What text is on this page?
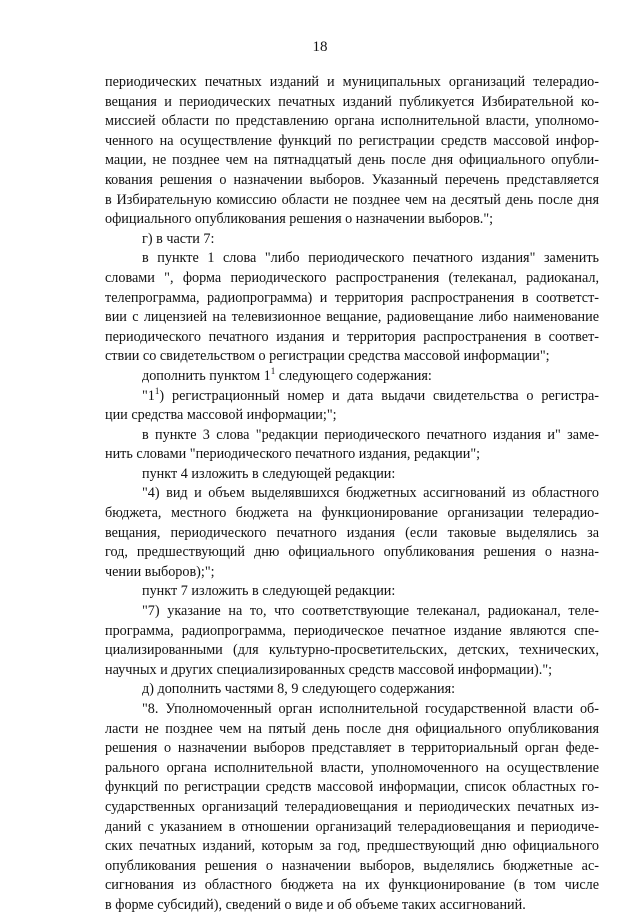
18
периодических печатных изданий и муниципальных организаций телерадио-
вещания и периодических печатных изданий публикуется Избирательной ко-
миссией области по представлению органа исполнительной власти, уполномо-
ченного на осуществление функций по регистрации средств массовой инфор-
мации, не позднее чем на пятнадцатый день после дня официального опубли-
кования решения о назначении выборов. Указанный перечень представляется
в Избирательную комиссию области не позднее чем на десятый день после дня
официального опубликования решения о назначении выборов.";
г) в части 7:
в пункте 1 слова "либо периодического печатного издания" заменить
словами ", форма периодического распространения (телеканал, радиоканал,
телепрограмма, радиопрограмма) и территория распространения в соответст-
вии с лицензией на телевизионное вещание, радиовещание либо наименование
периодического печатного издания и территория распространения в соответ-
ствии со свидетельством о регистрации средства массовой информации";
дополнить пунктом $1^1$ следующего содержания:
"$1^1$) регистрационный номер и дата выдачи свидетельства о регистра-
ции средства массовой информации;";
в пункте 3 слова "редакции периодического печатного издания и" заме-
нить словами "периодического печатного издания, редакции";
пункт 4 изложить в следующей редакции:
"4) вид и объем выделявшихся бюджетных ассигнований из областного
бюджета, местного бюджета на функционирование организации телерадио-
вещания, периодического печатного издания (если таковые выделялись за
год, предшествующий дню официального опубликования решения о назна-
чении выборов);";
пункт 7 изложить в следующей редакции:
"7) указание на то, что соответствующие телеканал, радиоканал, теле-
программа, радиопрограмма, периодическое печатное издание являются спе-
циализированными (для культурно-просветительских, детских, технических,
научных и других специализированных средств массовой информации).";
д) дополнить частями 8, 9 следующего содержания:
"8. Уполномоченный орган исполнительной государственной власти об-
ласти не позднее чем на пятый день после дня официального опубликования
решения о назначении выборов представляет в территориальный орган феде-
рального органа исполнительной власти, уполномоченного на осуществление
функций по регистрации средств массовой информации, список областных го-
сударственных организаций телерадиовещания и периодических печатных из-
даний с указанием в отношении организаций телерадиовещания и периодиче-
ских печатных изданий, которым за год, предшествующий дню официального
опубликования решения о назначении выборов, выделялись бюджетные ас-
сигнования из областного бюджета на их функционирование (в том числе
в форме субсидий), сведений о виде и об объеме таких ассигнований.
